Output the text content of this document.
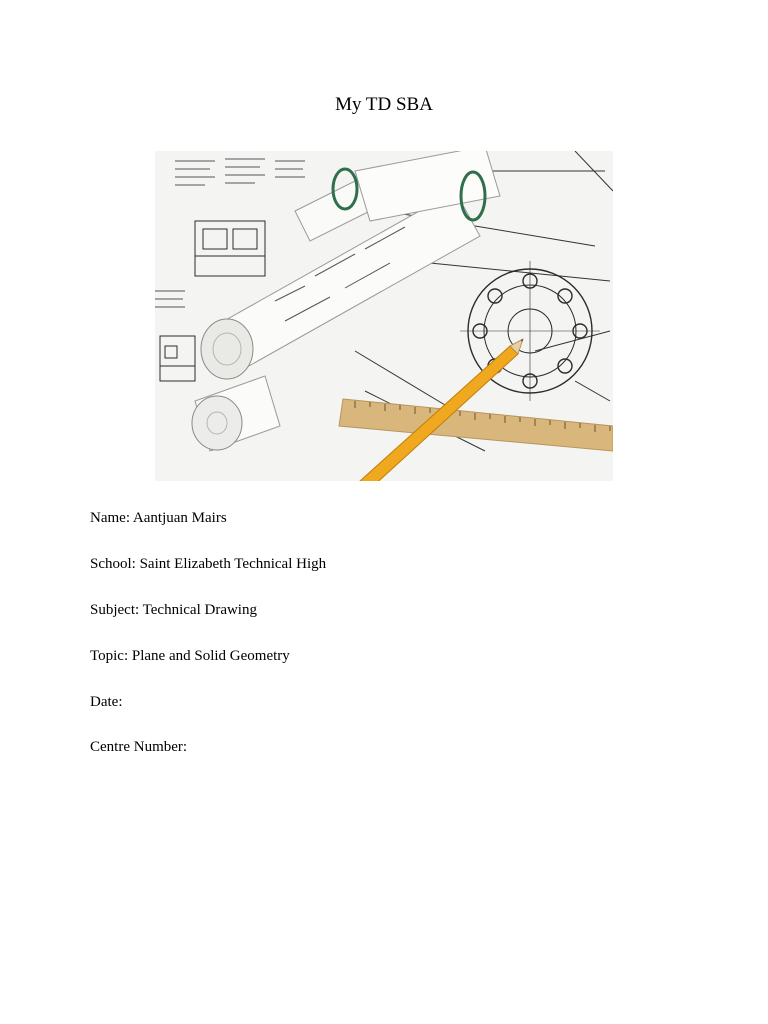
My TD SBA
Name: Aantjuan Mairs
School: Saint Elizabeth Technical High
Subject: Technical Drawing
Topic: Plane and Solid Geometry
Date:
Centre Number:
